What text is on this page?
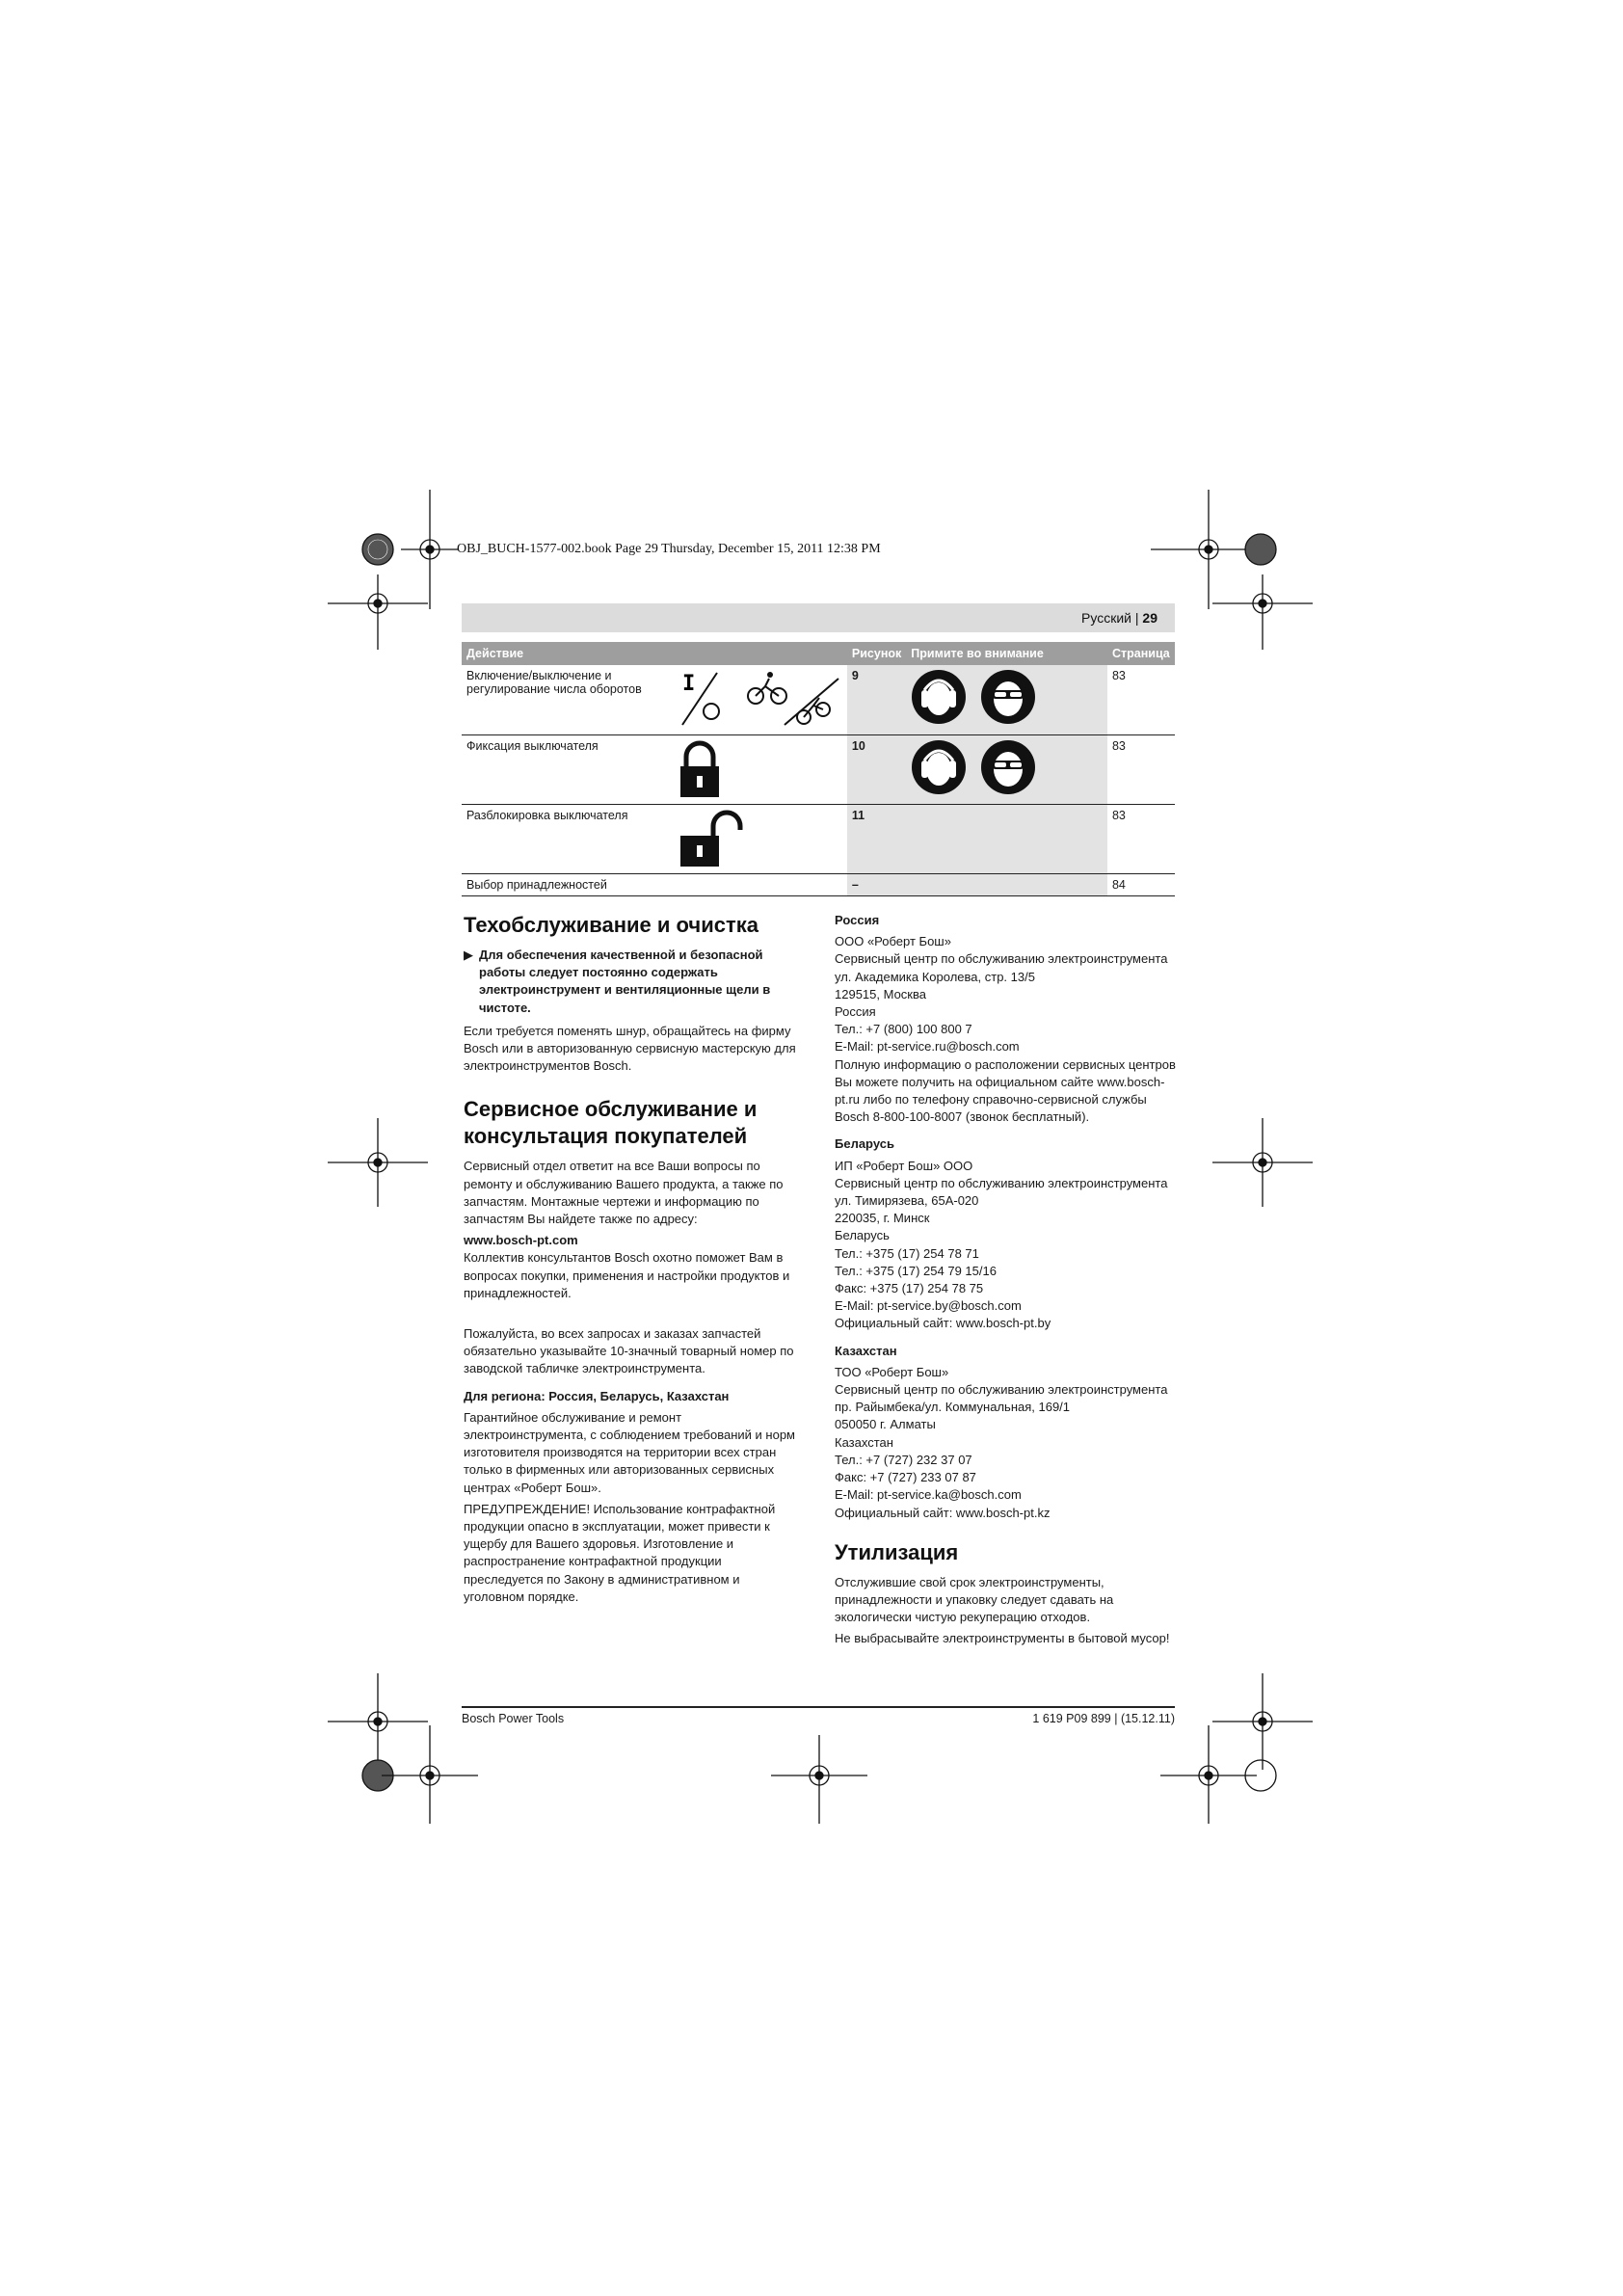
OBJ_BUCH-1577-002.book Page 29 Thursday, December 15, 2011 12:38 PM
Русский | 29
Действие	Рисунок	Примите во внимание	Страница

Включение/выключение и регулирование числа оборотов I	9		83

Фиксация выключателя	10		83

Разблокировка выключателя	11		83
Выбор принадлежностей	–		84
Техобслуживание и очистка
▶ Для обеспечения качественной и безопасной работы следует постоянно содержать электроинструмент и вентиляционные щели в чистоте.

Если требуется поменять шнур, обращайтесь на фирму Bosch или в авторизованную сервисную мастерскую для электроинструментов Bosch.

Сервисное обслуживание и консультация покупателей

Сервисный отдел ответит на все Ваши вопросы по ремонту и обслуживанию Вашего продукта, а также по запчастям. Монтажные чертежи и информацию по запчастям Вы найдете также по адресу:

www.bosch-pt.com

Коллектив консультантов Bosch охотно поможет Вам в вопросах покупки, применения и настройки продуктов и принадлежностей.

Пожалуйста, во всех запросах и заказах запчастей обязательно указывайте 10-значный товарный номер по заводской табличке электроинструмента.

Для региона: Россия, Беларусь, Казахстан

Гарантийное обслуживание и ремонт электроинструмента, с соблюдением требований и норм изготовителя производятся на территории всех стран только в фирменных или авторизованных сервисных центрах «Роберт Бош».

ПРЕДУПРЕЖДЕНИЕ! Использование контрафактной продукции опасно в эксплуатации, может привести к ущербу для Вашего здоровья. Изготовление и распространение контрафактной продукции преследуется по Закону в административном и уголовном порядке.

Россия

ООО «Роберт Бош»
Сервисный центр по обслуживанию электроинструмента
ул. Академика Королева, стр. 13/5
129515, Москва
Россия
Тел.: +7 (800) 100 800 7
E-Mail: pt-service.ru@bosch.com
Полную информацию о расположении сервисных центров Вы можете получить на официальном сайте www.bosch-pt.ru либо по телефону справочно-сервисной службы Bosch 8-800-100-8007 (звонок бесплатный).

Беларусь

ИП «Роберт Бош» ООО
Сервисный центр по обслуживанию электроинструмента
ул. Тимирязева, 65А-020
220035, г. Минск
Беларусь
Тел.: +375 (17) 254 78 71
Тел.: +375 (17) 254 79 15/16
Факс: +375 (17) 254 78 75
E-Mail: pt-service.by@bosch.com
Официальный сайт: www.bosch-pt.by

Казахстан

ТОО «Роберт Бош»
Сервисный центр по обслуживанию электроинструмента
пр. Райымбека/ул. Коммунальная, 169/1
050050 г. Алматы
Казахстан
Тел.: +7 (727) 232 37 07
Факс: +7 (727) 233 07 87
E-Mail: pt-service.ka@bosch.com
Официальный сайт: www.bosch-pt.kz
Утилизация

Отслужившие свой срок электроинструменты, принадлежности и упаковку следует сдавать на экологически чистую рекуперацию отходов.

Не выбрасывайте электроинструменты в бытовой мусор!

Bosch Power Tools	1 619 P09 899 | (15.12.11)
